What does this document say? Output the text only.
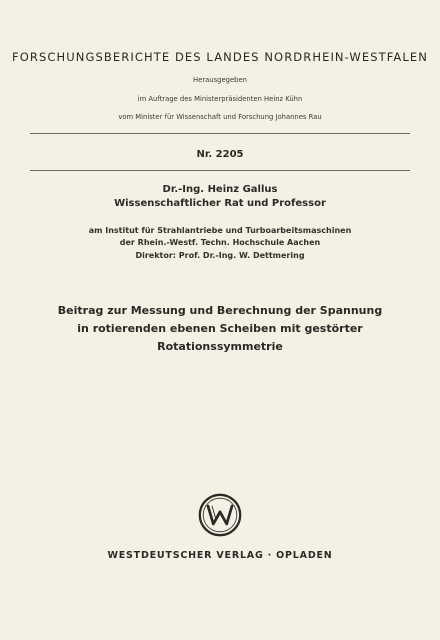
FORSCHUNGSBERICHTE DES LANDES NORDRHEIN-WESTFALEN
Herausgegeben
im Auftrage des Ministerpräsidenten Heinz Kühn
vom Minister für Wissenschaft und Forschung Johannes Rau
Nr. 2205
Dr.-Ing. Heinz Gallus
Wissenschaftlicher Rat und Professor
am Institut für Strahlantriebe und Turboarbeitsmaschinen
der Rhein.-Westf. Techn. Hochschule Aachen
Direktor: Prof. Dr.-Ing. W. Dettmering
Beitrag zur Messung und Berechnung der Spannung
in rotierenden ebenen Scheiben mit gestörter
Rotationssymmetrie
WESTDEUTSCHER VERLAG · OPLADEN
